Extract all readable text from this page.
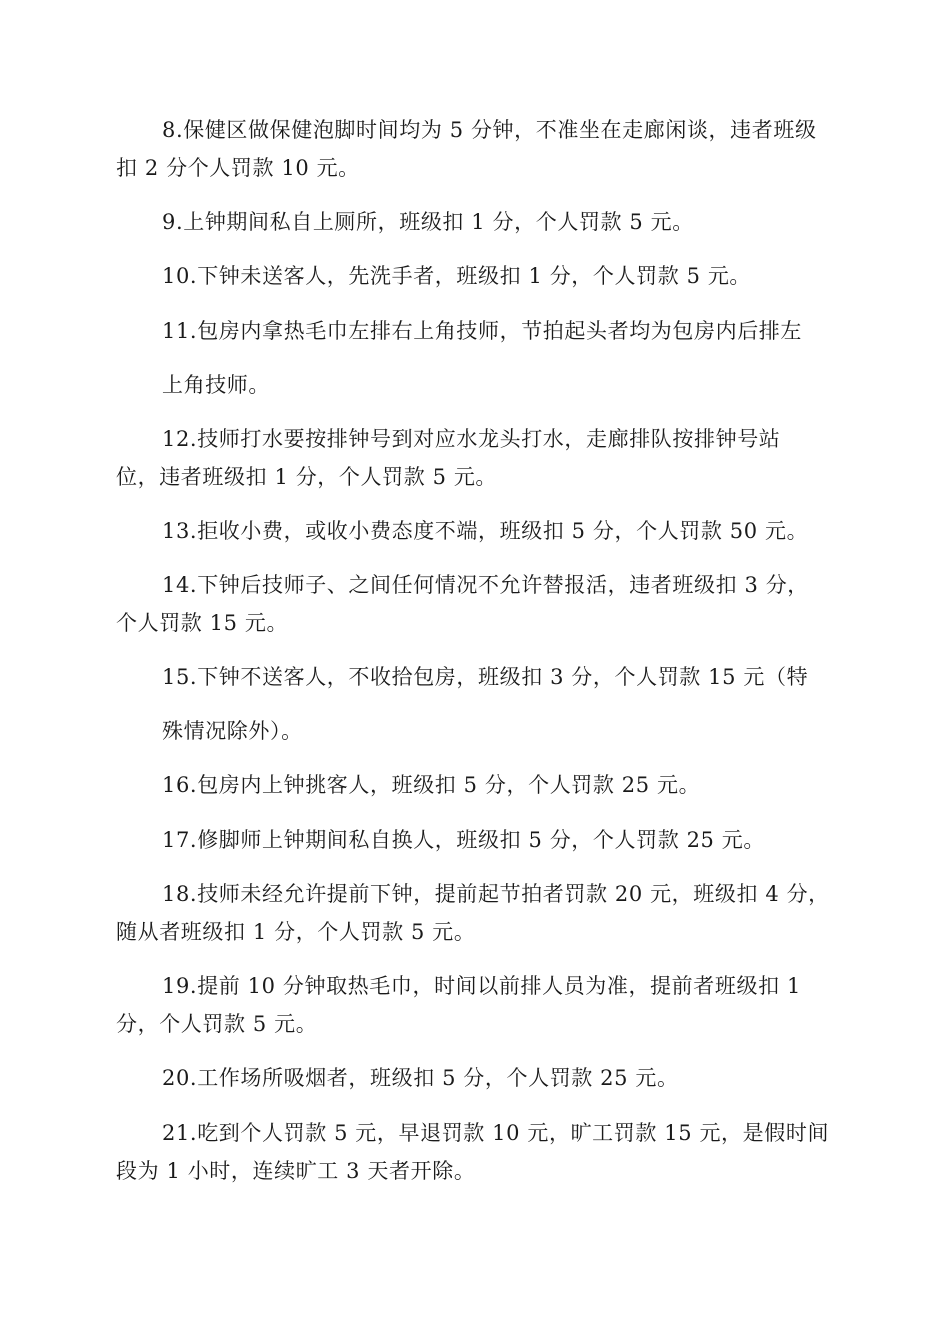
8.保健区做保健泡脚时间均为 5 分钟，不准坐在走廊闲谈，违者班级
扣 2 分个人罚款 10 元。
9.上钟期间私自上厕所，班级扣 1 分，个人罚款 5 元。
10.下钟未送客人，先洗手者，班级扣 1 分，个人罚款 5 元。
11.包房内拿热毛巾左排右上角技师，节拍起头者均为包房内后排左
上角技师。
12.技师打水要按排钟号到对应水龙头打水，走廊排队按排钟号站
位，违者班级扣 1 分，个人罚款 5 元。
13.拒收小费，或收小费态度不端，班级扣 5 分，个人罚款 50 元。
14.下钟后技师子、之间任何情况不允许替报活，违者班级扣 3 分，
个人罚款 15 元。
15.下钟不送客人，不收拾包房，班级扣 3 分，个人罚款 15 元（特
殊情况除外）。
16.包房内上钟挑客人，班级扣 5 分，个人罚款 25 元。
17.修脚师上钟期间私自换人，班级扣 5 分，个人罚款 25 元。
18.技师未经允许提前下钟，提前起节拍者罚款 20 元，班级扣 4 分，
随从者班级扣 1 分，个人罚款 5 元。
19.提前 10 分钟取热毛巾，时间以前排人员为准，提前者班级扣 1
分，个人罚款 5 元。
20.工作场所吸烟者，班级扣 5 分，个人罚款 25 元。
21.吃到个人罚款 5 元，早退罚款 10 元，旷工罚款 15 元，是假时间
段为 1 小时，连续旷工 3 天者开除。
